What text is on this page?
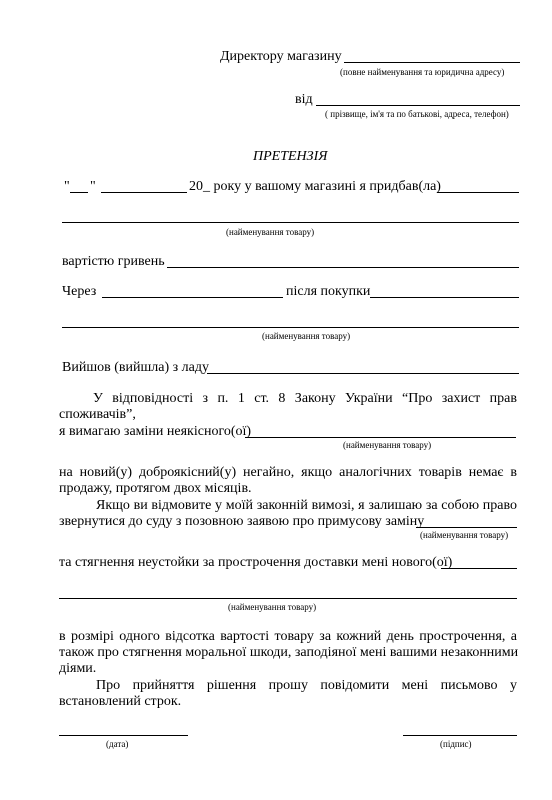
Директору магазину
(повне найменування та юридична адресу)
від
( прізвище, ім'я та по батькові, адреса, телефон)
ПРЕТЕНЗІЯ
" "	20_ року у вашому магазині я придбав(ла)
(найменування товару)
вартістю гривень
Через	після покупки
(найменування товару)
Вийшов (вийшла) з ладу
У відповідності з п. 1 ст. 8 Закону України “Про захист прав
споживачів”,
я вимагаю заміни неякісного(ої)
(найменування товару)
на новий(у) доброякісний(у) негайно, якщо аналогічних товарів немає в
продажу, протягом двох місяців.
Якщо ви відмовите у моїй законній вимозі, я залишаю за собою право
звернутися до суду з позовною заявою про примусову заміну
(найменування товару)
та стягнення неустойки за прострочення доставки мені нового(ої)
(найменування товару)
в розмірі одного відсотка вартості товару за кожний день прострочення, а
також про стягнення моральної шкоди, заподіяної мені вашими незаконними
діями.
Про прийняття рішення прошу повідомити мені письмово у
встановлений строк.
(дата)	(підпис)
